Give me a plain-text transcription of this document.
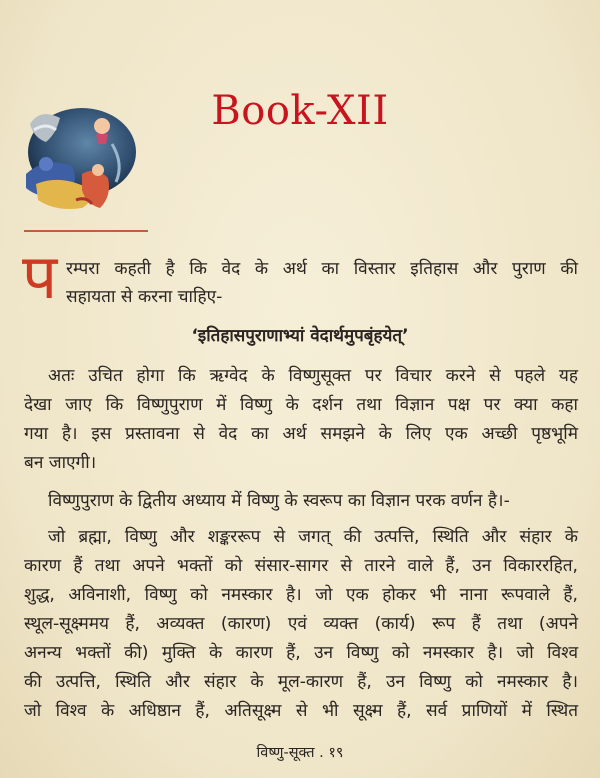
Book-XII
प रम्परा कहती है कि वेद के अर्थ का विस्तार इतिहास और पुराण की
सहायता से करना चाहिए-
‘इतिहासपुराणाभ्यां वेदार्थमुपबृंहयेत्’
अतः उचित होगा कि ऋग्वेद के विष्णुसूक्त पर विचार करने से पहले यह
देखा जाए कि विष्णुपुराण में विष्णु के दर्शन तथा विज्ञान पक्ष पर क्या कहा
गया है। इस प्रस्तावना से वेद का अर्थ समझने के लिए एक अच्छी पृष्ठभूमि
बन जाएगी।
विष्णुपुराण के द्वितीय अध्याय में विष्णु के स्वरूप का विज्ञान परक वर्णन है।-
जो ब्रह्मा, विष्णु और शङ्कररूप से जगत् की उत्पत्ति, स्थिति और संहार के
कारण हैं तथा अपने भक्तों को संसार-सागर से तारने वाले हैं, उन विकाररहित,
शुद्ध, अविनाशी, विष्णु को नमस्कार है। जो एक होकर भी नाना रूपवाले हैं,
स्थूल-सूक्ष्ममय हैं, अव्यक्त (कारण) एवं व्यक्त (कार्य) रूप हैं तथा (अपने
अनन्य भक्तों की) मुक्ति के कारण हैं, उन विष्णु को नमस्कार है। जो विश्व
की उत्पत्ति, स्थिति और संहार के मूल-कारण हैं, उन विष्णु को नमस्कार है।
जो विश्व के अधिष्ठान हैं, अतिसूक्ष्म से भी सूक्ष्म हैं, सर्व प्राणियों में स्थित
विष्णु-सूक्त . १९
